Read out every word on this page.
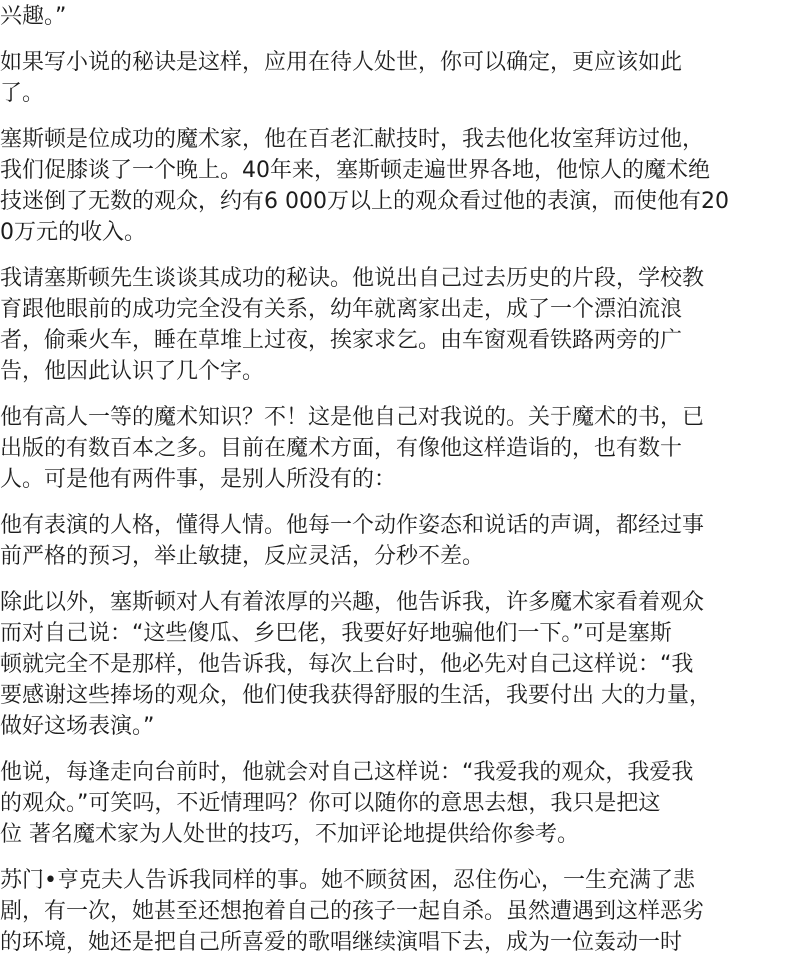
兴趣。”

如果写小说的秘诀是这样，应用在待人处世，你可以确定，更应该如此
了。

塞斯顿是位成功的魔术家，他在百老汇献技时，我去他化妆室拜访过他，
我们促膝谈了一个晚上。40年来，塞斯顿走遍世界各地，他惊人的魔术绝
技迷倒了无数的观众，约有6 000万以上的观众看过他的表演，而使他有20
0万元的收入。

我请塞斯顿先生谈谈其成功的秘诀。他说出自己过去历史的片段，学校教
育跟他眼前的成功完全没有关系，幼年就离家出走，成了一个漂泊流浪
者，偷乘火车，睡在草堆上过夜，挨家求乞。由车窗观看铁路两旁的广
告，他因此认识了几个字。

他有高人一等的魔术知识？不！这是他自己对我说的。关于魔术的书，已
出版的有数百本之多。目前在魔术方面，有像他这样造诣的，也有数十
人。可是他有两件事，是别人所没有的：

他有表演的人格，懂得人情。他每一个动作姿态和说话的声调，都经过事
前严格的预习，举止敏捷，反应灵活，分秒不差。

除此以外，塞斯顿对人有着浓厚的兴趣，他告诉我，许多魔术家看着观众
而对自己说：“这些傻瓜、乡巴佬，我要好好地骗他们一下。”可是塞斯
顿就完全不是那样，他告诉我，每次上台时，他必先对自己这样说：“我
要感谢这些捧场的观众，他们使我获得舒服的生活，我要付出 大的力量，
做好这场表演。”

他说，每逢走向台前时，他就会对自己这样说：“我爱我的观众，我爱我
的观众。”可笑吗，不近情理吗？你可以随你的意思去想，我只是把这
位 著名魔术家为人处世的技巧，不加评论地提供给你参考。

苏门•亨克夫人告诉我同样的事。她不顾贫困，忍住伤心，一生充满了悲
剧，有一次，她甚至还想抱着自己的孩子一起自杀。虽然遭遇到这样恶劣
的环境，她还是把自己所喜爱的歌唱继续演唱下去，成为一位轰动一时
